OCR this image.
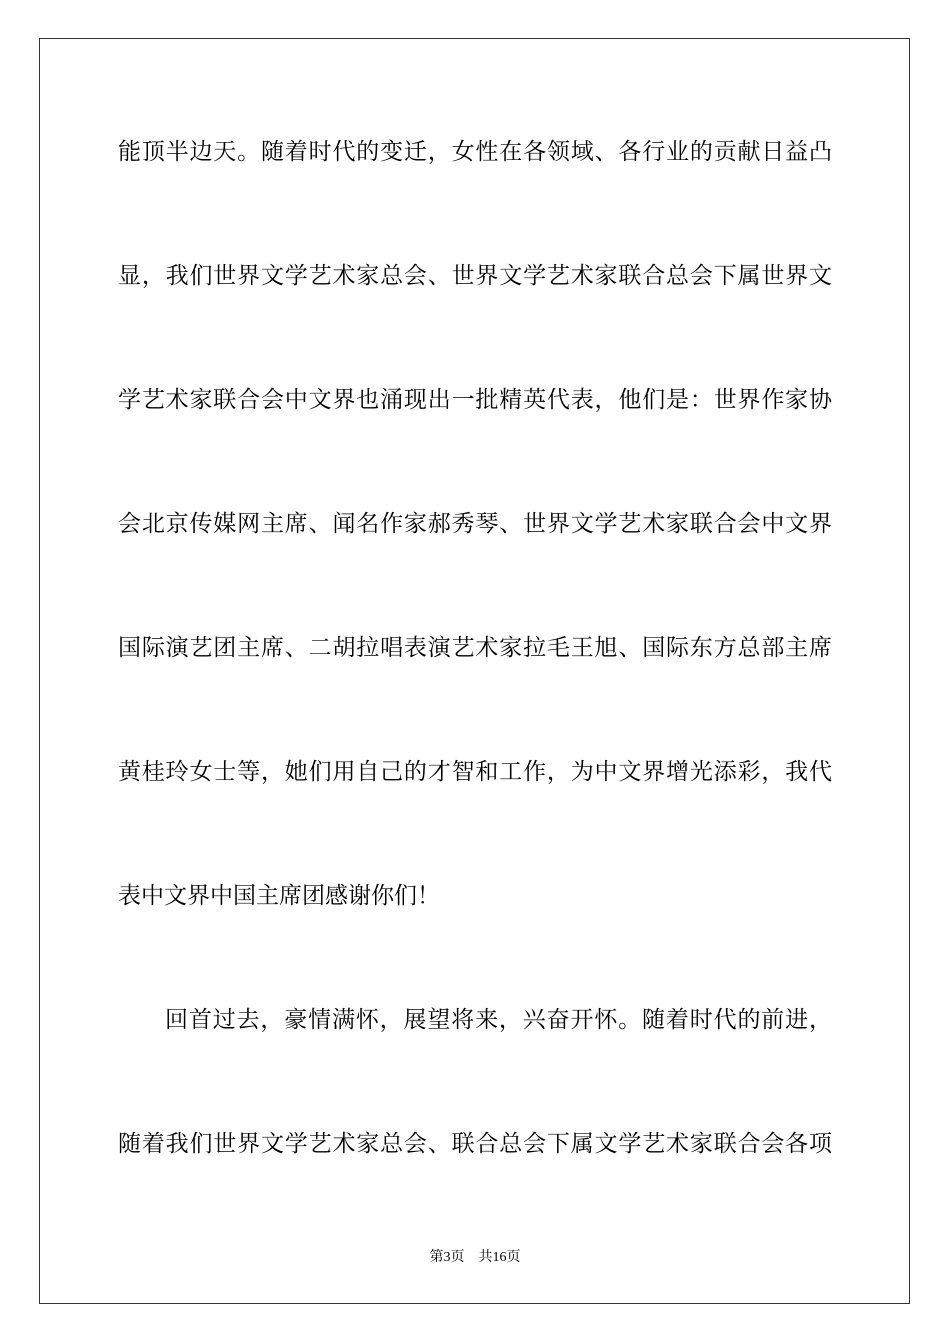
能顶半边天。随着时代的变迁，女性在各领域、各行业的贡献日益凸
显，我们世界文学艺术家总会、世界文学艺术家联合总会下属世界文
学艺术家联合会中文界也涌现出一批精英代表，他们是：世界作家协
会北京传媒网主席、闻名作家郝秀琴、世界文学艺术家联合会中文界
国际演艺团主席、二胡拉唱表演艺术家拉毛王旭、国际东方总部主席
黄桂玲女士等，她们用自己的才智和工作，为中文界增光添彩，我代
表中文界中国主席团感谢你们！
回首过去，豪情满怀，展望将来，兴奋开怀。随着时代的前进，
随着我们世界文学艺术家总会、联合总会下属文学艺术家联合会各项
第3页 共16页
